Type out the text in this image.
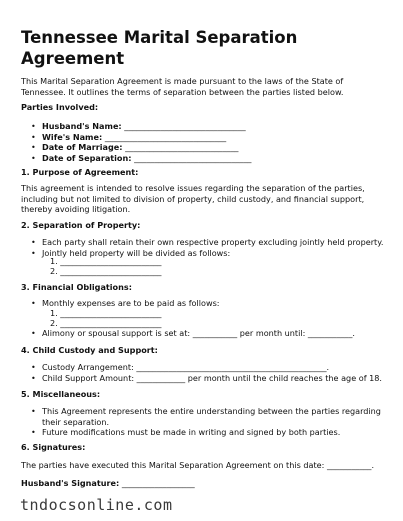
Tennessee Marital Separation Agreement

This Marital Separation Agreement is made pursuant to the laws of the State of Tennessee. It outlines the terms of separation between the parties listed below.

Parties Involved:

• Husband's Name: ______________________________
• Wife's Name: ______________________________
• Date of Marriage: ____________________________
• Date of Separation: _____________________________

1. Purpose of Agreement:

This agreement is intended to resolve issues regarding the separation of the parties, including but not limited to division of property, child custody, and financial support, thereby avoiding litigation.

2. Separation of Property:

• Each party shall retain their own respective property excluding jointly held property.
• Jointly held property will be divided as follows:
1. _________________________
2. _________________________

3. Financial Obligations:

• Monthly expenses are to be paid as follows:
1. _________________________
2. _________________________
• Alimony or spousal support is set at: ___________ per month until: ___________.

4. Child Custody and Support:

• Custody Arrangement: _______________________________________________.
• Child Support Amount: ____________ per month until the child reaches the age of 18.

5. Miscellaneous:

• This Agreement represents the entire understanding between the parties regarding their separation.
• Future modifications must be made in writing and signed by both parties.

6. Signatures:

The parties have executed this Marital Separation Agreement on this date: ___________.

Husband's Signature: __________________

tndocsonline.com
